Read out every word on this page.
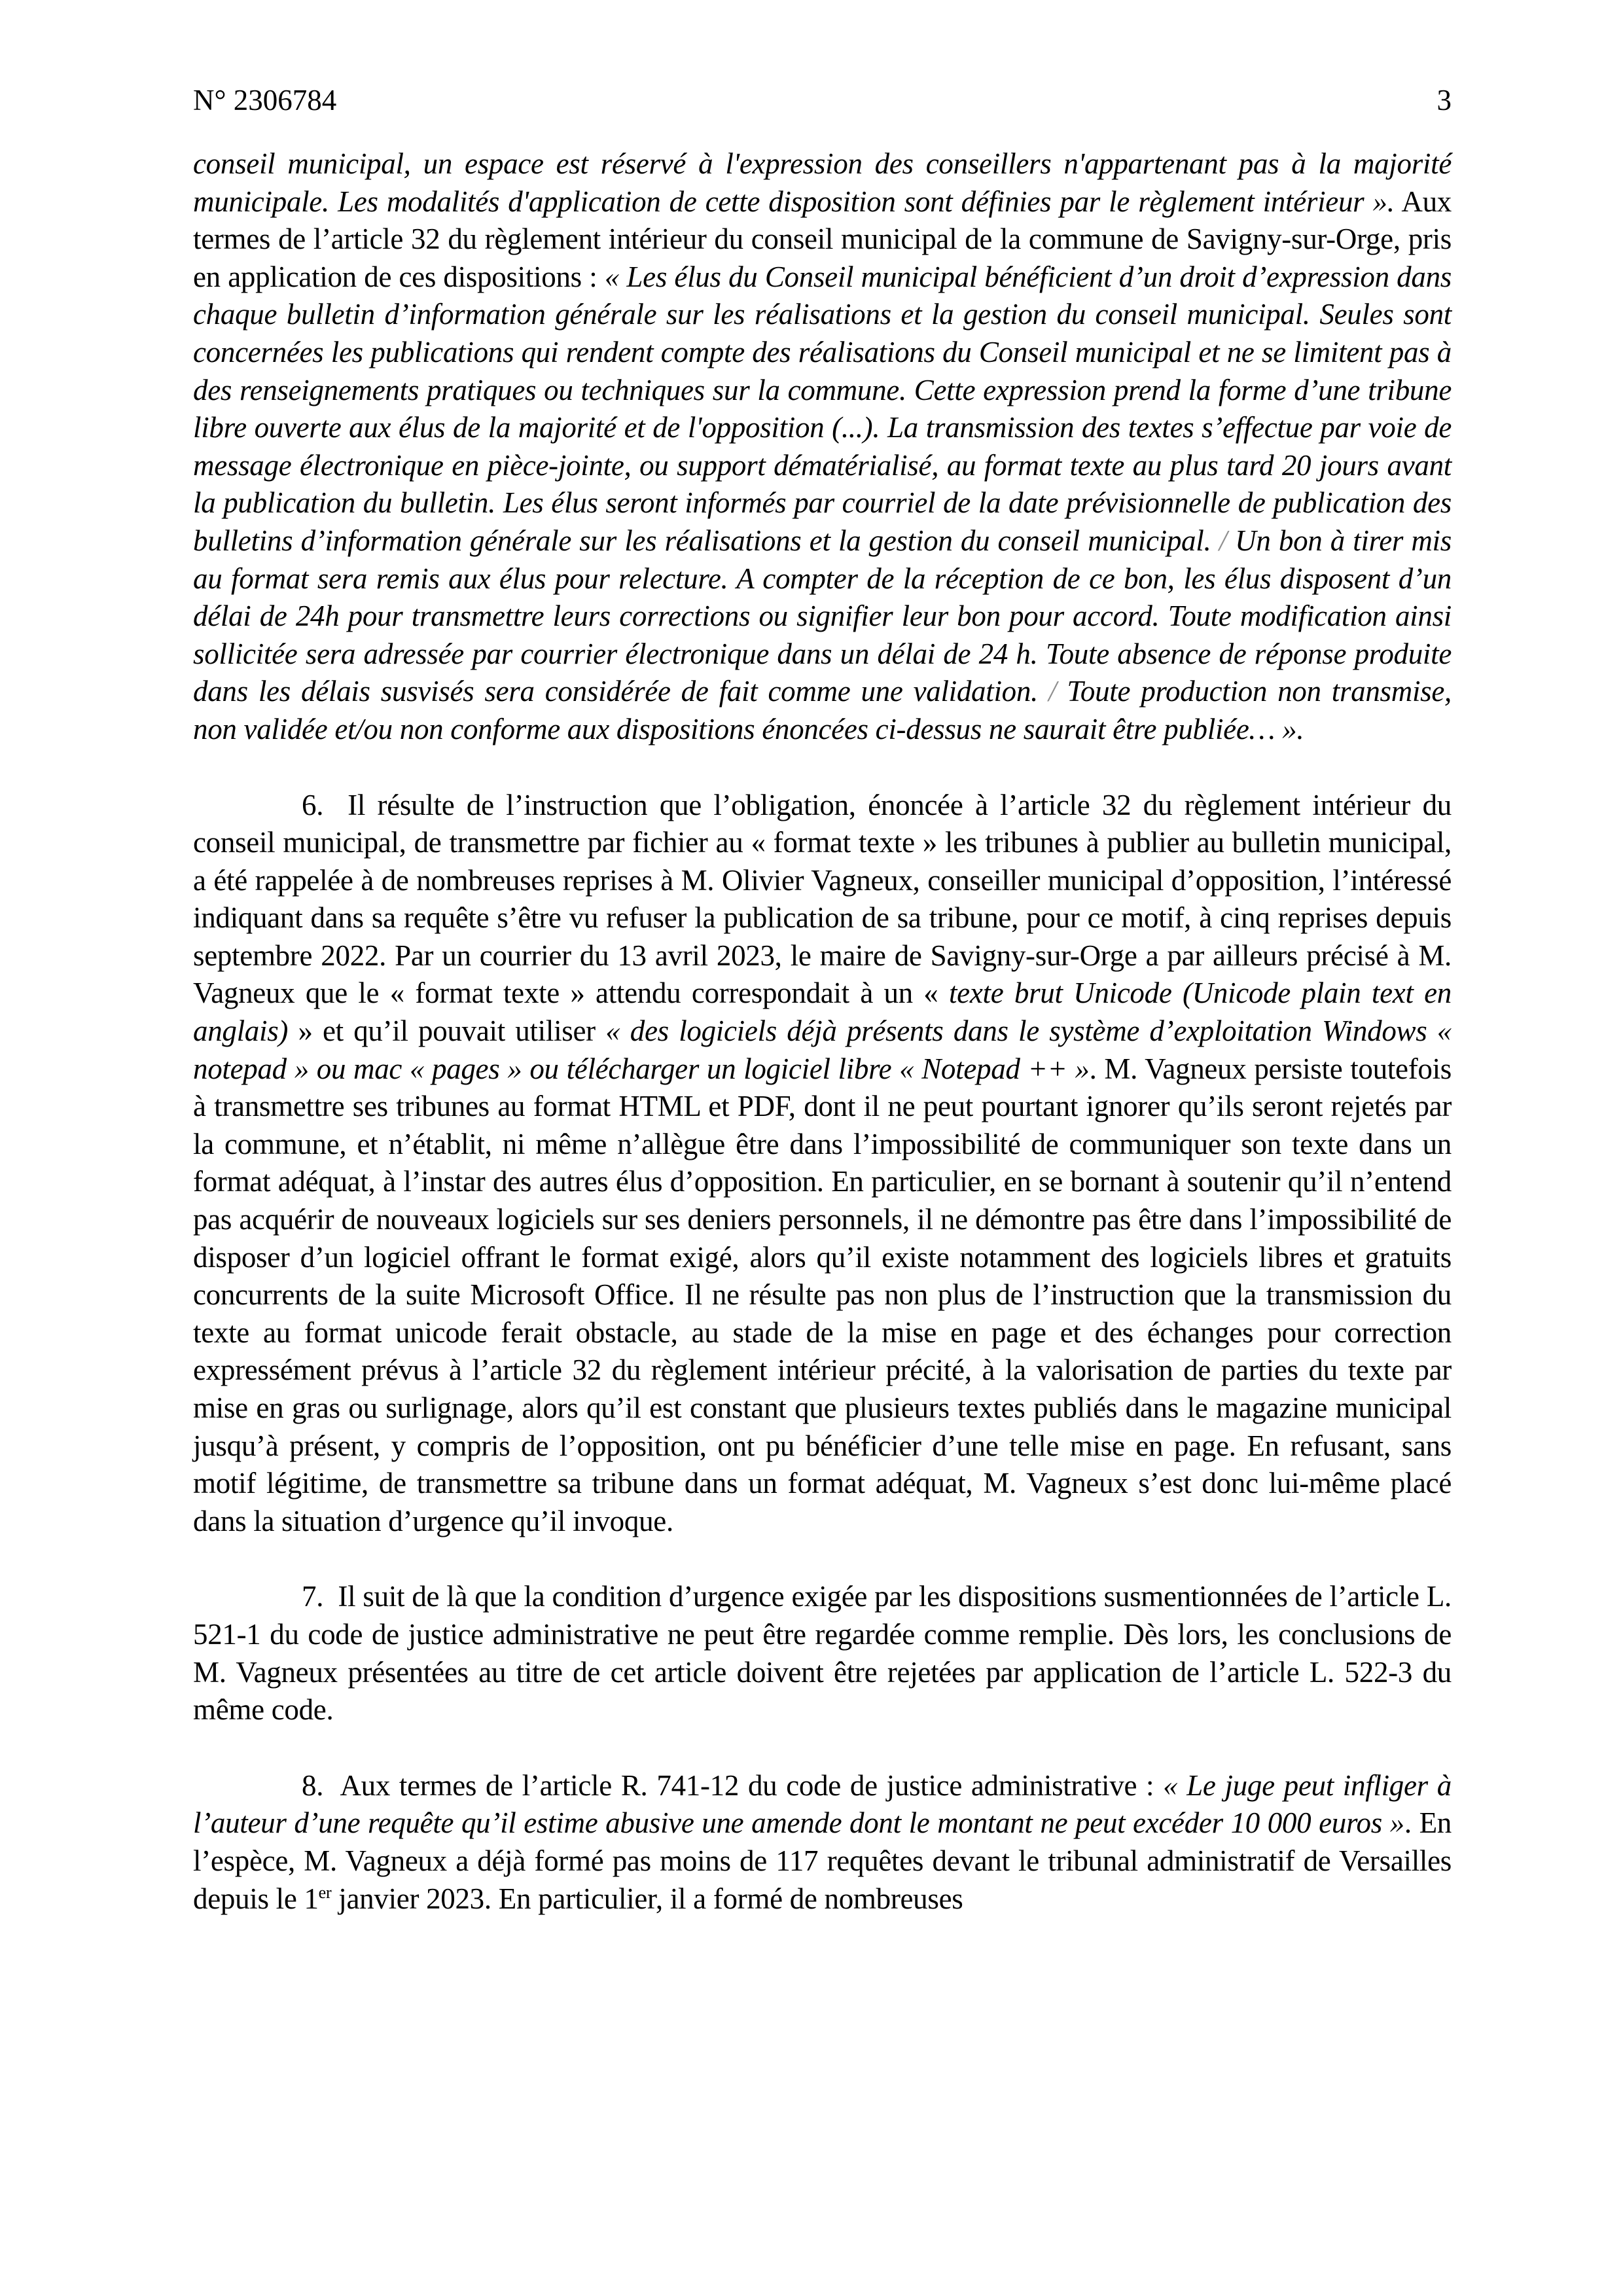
N° 2306784	3

conseil municipal, un espace est réservé à l'expression des conseillers n'appartenant pas à la majorité municipale. Les modalités d'application de cette disposition sont définies par le règlement intérieur ». Aux termes de l’article 32 du règlement intérieur du conseil municipal de la commune de Savigny-sur-Orge, pris en application de ces dispositions : « Les élus du Conseil municipal bénéficient d’un droit d’expression dans chaque bulletin d’information générale sur les réalisations et la gestion du conseil municipal. Seules sont concernées les publications qui rendent compte des réalisations du Conseil municipal et ne se limitent pas à des renseignements pratiques ou techniques sur la commune. Cette expression prend la forme d’une tribune libre ouverte aux élus de la majorité et de l'opposition (...). La transmission des textes s’effectue par voie de message électronique en pièce-jointe, ou support dématérialisé, au format texte au plus tard 20 jours avant la publication du bulletin. Les élus seront informés par courriel de la date prévisionnelle de publication des bulletins d’information générale sur les réalisations et la gestion du conseil municipal. / Un bon à tirer mis au format sera remis aux élus pour relecture. A compter de la réception de ce bon, les élus disposent d’un délai de 24h pour transmettre leurs corrections ou signifier leur bon pour accord. Toute modification ainsi sollicitée sera adressée par courrier électronique dans un délai de 24 h. Toute absence de réponse produite dans les délais susvisés sera considérée de fait comme une validation. / Toute production non transmise, non validée et/ou non conforme aux dispositions énoncées ci-dessus ne saurait être publiée… ».

6.  Il résulte de l’instruction que l’obligation, énoncée à l’article 32 du règlement intérieur du conseil municipal, de transmettre par fichier au « format texte » les tribunes à publier au bulletin municipal, a été rappelée à de nombreuses reprises à M. Olivier Vagneux, conseiller municipal d’opposition, l’intéressé indiquant dans sa requête s’être vu refuser la publication de sa tribune, pour ce motif, à cinq reprises depuis septembre 2022. Par un courrier du 13 avril 2023, le maire de Savigny-sur-Orge a par ailleurs précisé à M. Vagneux que le « format texte » attendu correspondait à un « texte brut Unicode (Unicode plain text en anglais) » et qu’il pouvait utiliser « des logiciels déjà présents dans le système d’exploitation Windows « notepad » ou mac « pages » ou télécharger un logiciel libre « Notepad ++ ». M. Vagneux persiste toutefois à transmettre ses tribunes au format HTML et PDF, dont il ne peut pourtant ignorer qu’ils seront rejetés par la commune, et n’établit, ni même n’allègue être dans l’impossibilité de communiquer son texte dans un format adéquat, à l’instar des autres élus d’opposition. En particulier, en se bornant à soutenir qu’il n’entend pas acquérir de nouveaux logiciels sur ses deniers personnels, il ne démontre pas être dans l’impossibilité de disposer d’un logiciel offrant le format exigé, alors qu’il existe notamment des logiciels libres et gratuits concurrents de la suite Microsoft Office. Il ne résulte pas non plus de l’instruction que la transmission du texte au format unicode ferait obstacle, au stade de la mise en page et des échanges pour correction expressément prévus à l’article 32 du règlement intérieur précité, à la valorisation de parties du texte par mise en gras ou surlignage, alors qu’il est constant que plusieurs textes publiés dans le magazine municipal jusqu’à présent, y compris de l’opposition, ont pu bénéficier d’une telle mise en page. En refusant, sans motif légitime, de transmettre sa tribune dans un format adéquat, M. Vagneux s’est donc lui-même placé dans la situation d’urgence qu’il invoque.

7.  Il suit de là que la condition d’urgence exigée par les dispositions susmentionnées de l’article L. 521-1 du code de justice administrative ne peut être regardée comme remplie. Dès lors, les conclusions de M. Vagneux présentées au titre de cet article doivent être rejetées par application de l’article L. 522-3 du même code.

8.  Aux termes de l’article R. 741-12 du code de justice administrative : « Le juge peut infliger à l’auteur d’une requête qu’il estime abusive une amende dont le montant ne peut excéder 10 000 euros ». En l’espèce, M. Vagneux a déjà formé pas moins de 117 requêtes devant le tribunal administratif de Versailles depuis le 1er janvier 2023. En particulier, il a formé de nombreuses
